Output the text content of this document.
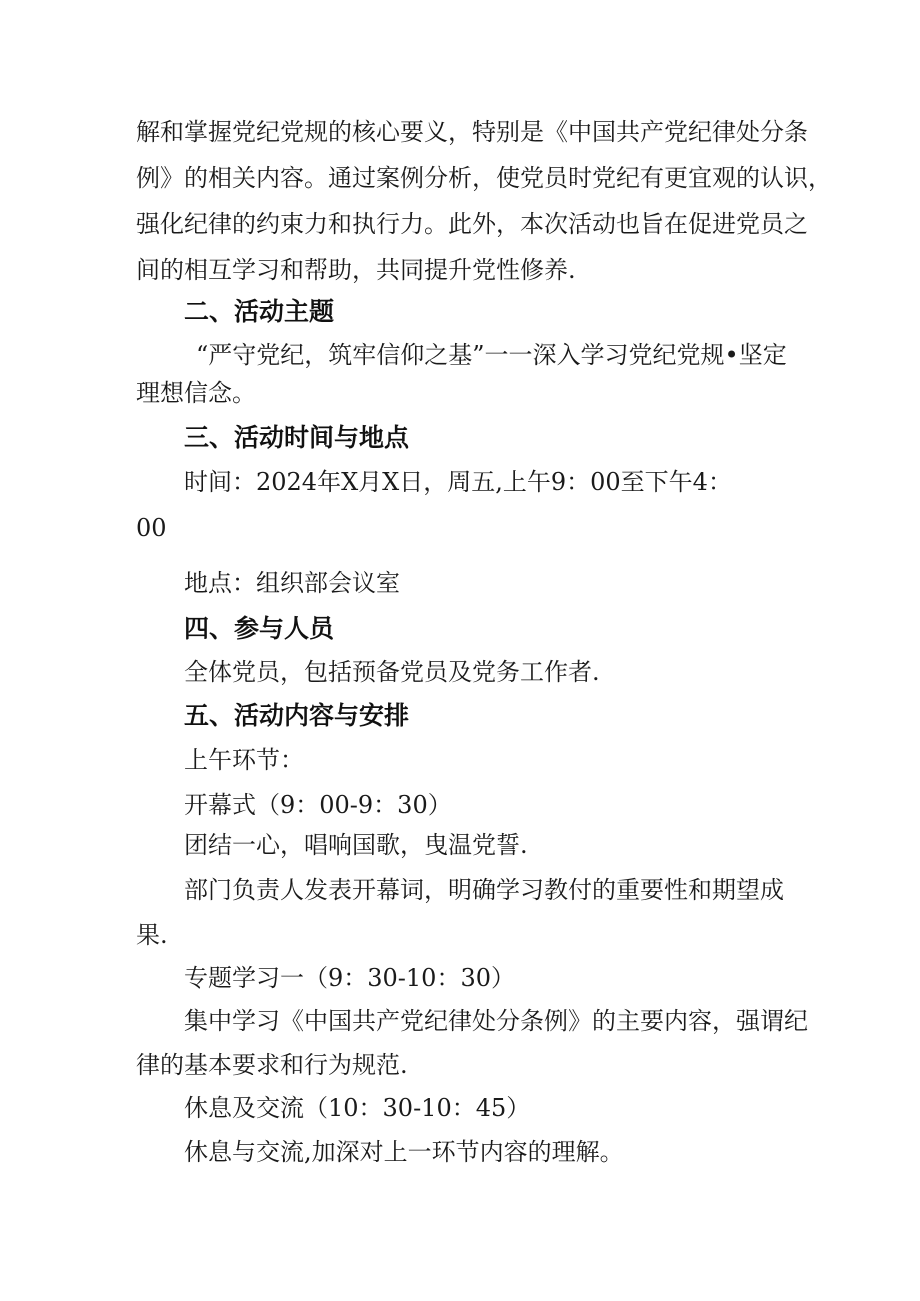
解和掌握党纪党规的核心要义，特别是《中国共产党纪律处分条
例》的相关内容。通过案例分析，使党员时党纪有更宜观的认识，
强化纪律的约束力和执行力。此外，本次活动也旨在促进党员之
间的相互学习和帮助，共同提升党性修养.
二、活动主题
“严守党纪，筑牢信仰之基”一一深入学习党纪党规•坚定
理想信念。
三、活动时间与地点
时间：2024年X月X日，周五,上午9：00至下午4：
00
地点：组织部会议室
四、参与人员
全体党员，包括预备党员及党务工作者.
五、活动内容与安排
上午环节：
开幕式（9：00-9：30）
团结一心，唱响国歌，曳温党誓.
部门负责人发表开幕词，明确学习教付的重要性和期望成
果.
专题学习一（9：30-10：30）
集中学习《中国共产党纪律处分条例》的主要内容，强谓纪
律的基本要求和行为规范.
休息及交流（10：30-10：45）
休息与交流,加深对上一环节内容的理解。
